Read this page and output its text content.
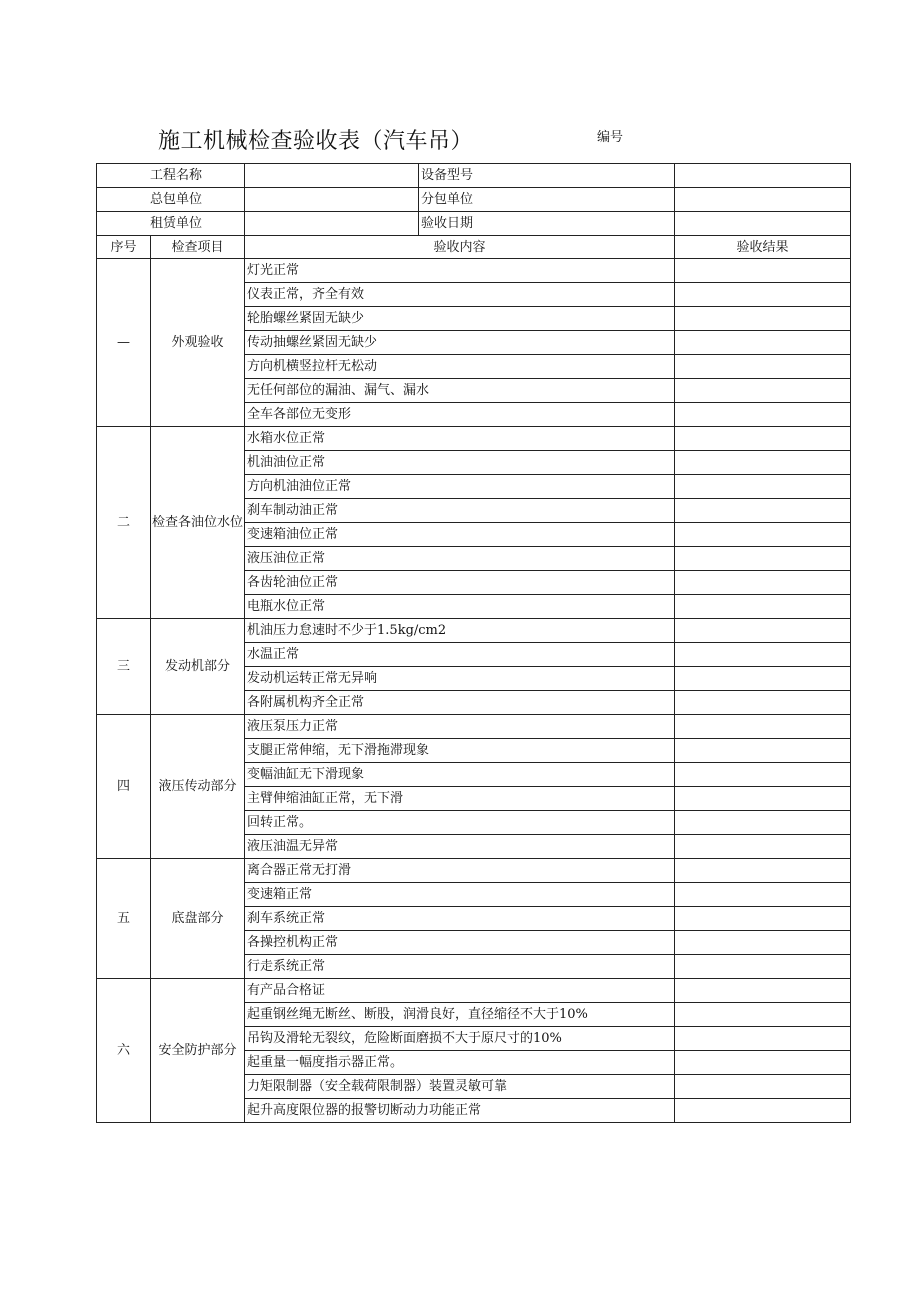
施工机械检查验收表（汽车吊）	编号
工程名称			设备型号	
总包单位			分包单位	
租赁单位			验收日期	
序号	检查项目	验收内容		验收结果
—	外观验收	灯光正常		
		仪表正常，齐全有效		
		轮胎螺丝紧固无缺少		
		传动抽螺丝紧固无缺少		
		方向机横竖拉杆无松动		
		无任何部位的漏油、漏气、漏水		
		全车各部位无变形		
二	检查各油位水位	水箱水位正常		
		机油油位正常		
		方向机油油位正常		
		刹车制动油正常		
		变速箱油位正常		
		液压油位正常		
		各齿轮油位正常		
		电瓶水位正常		
三	发动机部分	机油压力怠速时不少于1.5kg∕cm2		
		水温正常		
		发动机运转正常无异响		
		各附属机构齐全正常		
四	液压传动部分	液压泵压力正常		
		支腿正常伸缩，无下滑拖滞现象		
		变幅油缸无下滑现象		
		主臂伸缩油缸正常，无下滑		
		回转正常。		
		液压油温无异常		
五	底盘部分	离合器正常无打滑		
		变速箱正常		
		刹车系统正常		
		各操控机构正常		
		行走系统正常		
六	安全防护部分	有产品合格证		
		起重钢丝绳无断丝、断股，润滑良好，直径缩径不大于10%		
		吊钩及滑轮无裂纹，危险断面磨损不大于原尺寸的10%		
		起重量一幅度指示器正常。		
		力矩限制器（安全载荷限制器）装置灵敏可靠		
		起升高度限位器的报警切断动力功能正常		
